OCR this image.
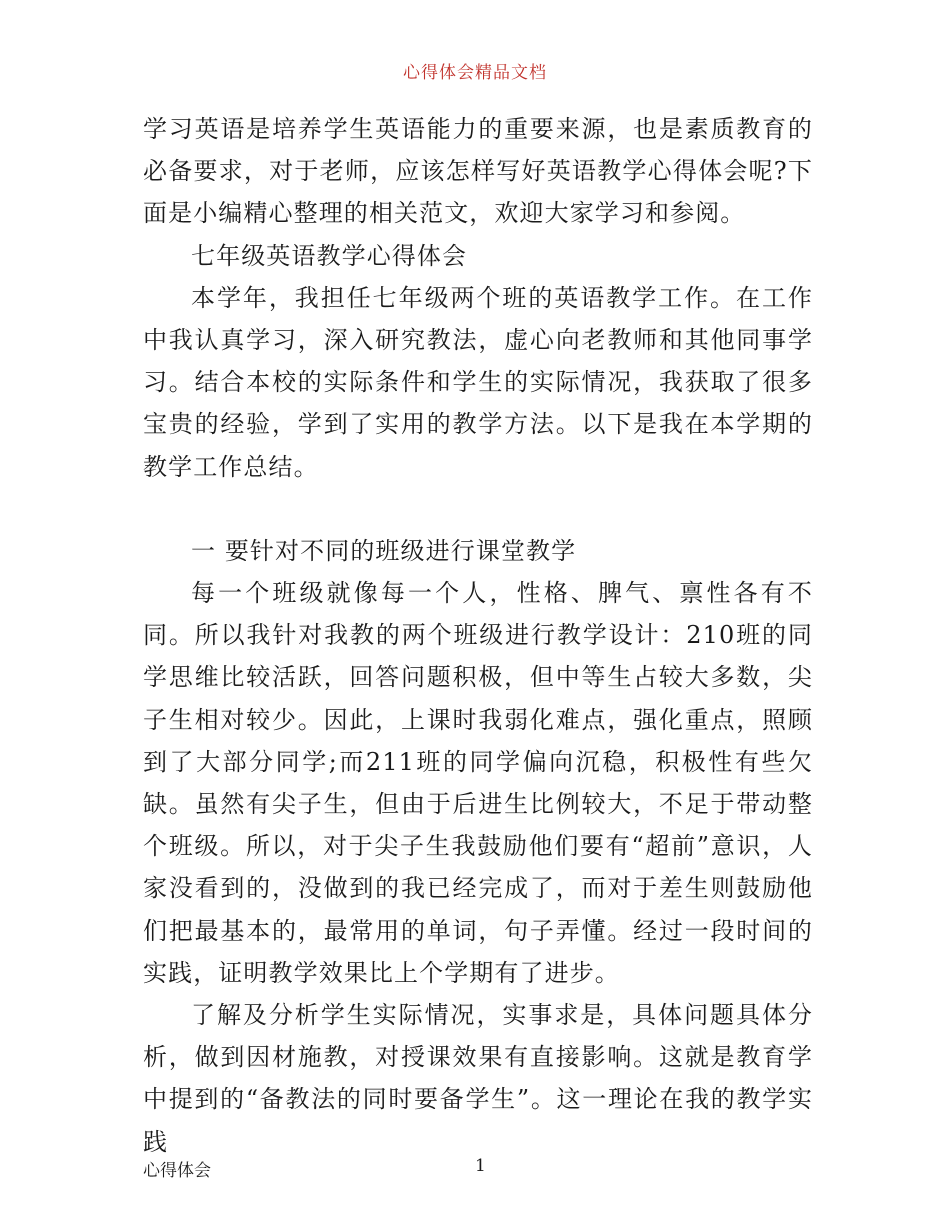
心得体会精品文档

学习英语是培养学生英语能力的重要来源，也是素质教育的必备要求，对于老师，应该怎样写好英语教学心得体会呢?下面是小编精心整理的相关范文，欢迎大家学习和参阅。

七年级英语教学心得体会

本学年，我担任七年级两个班的英语教学工作。在工作中我认真学习，深入研究教法，虚心向老教师和其他同事学习。结合本校的实际条件和学生的实际情况，我获取了很多宝贵的经验，学到了实用的教学方法。以下是我在本学期的教学工作总结。

一 要针对不同的班级进行课堂教学

每一个班级就像每一个人，性格、脾气、禀性各有不同。所以我针对我教的两个班级进行教学设计：210班的同学思维比较活跃，回答问题积极，但中等生占较大多数，尖子生相对较少。因此，上课时我弱化难点，强化重点，照顾到了大部分同学;而211班的同学偏向沉稳，积极性有些欠缺。虽然有尖子生，但由于后进生比例较大，不足于带动整个班级。所以，对于尖子生我鼓励他们要有“超前”意识，人家没看到的，没做到的我已经完成了，而对于差生则鼓励他们把最基本的，最常用的单词，句子弄懂。经过一段时间的实践，证明教学效果比上个学期有了进步。

了解及分析学生实际情况，实事求是，具体问题具体分析，做到因材施教，对授课效果有直接影响。这就是教育学中提到的“备教法的同时要备学生”。这一理论在我的教学实践

心得体会	1
